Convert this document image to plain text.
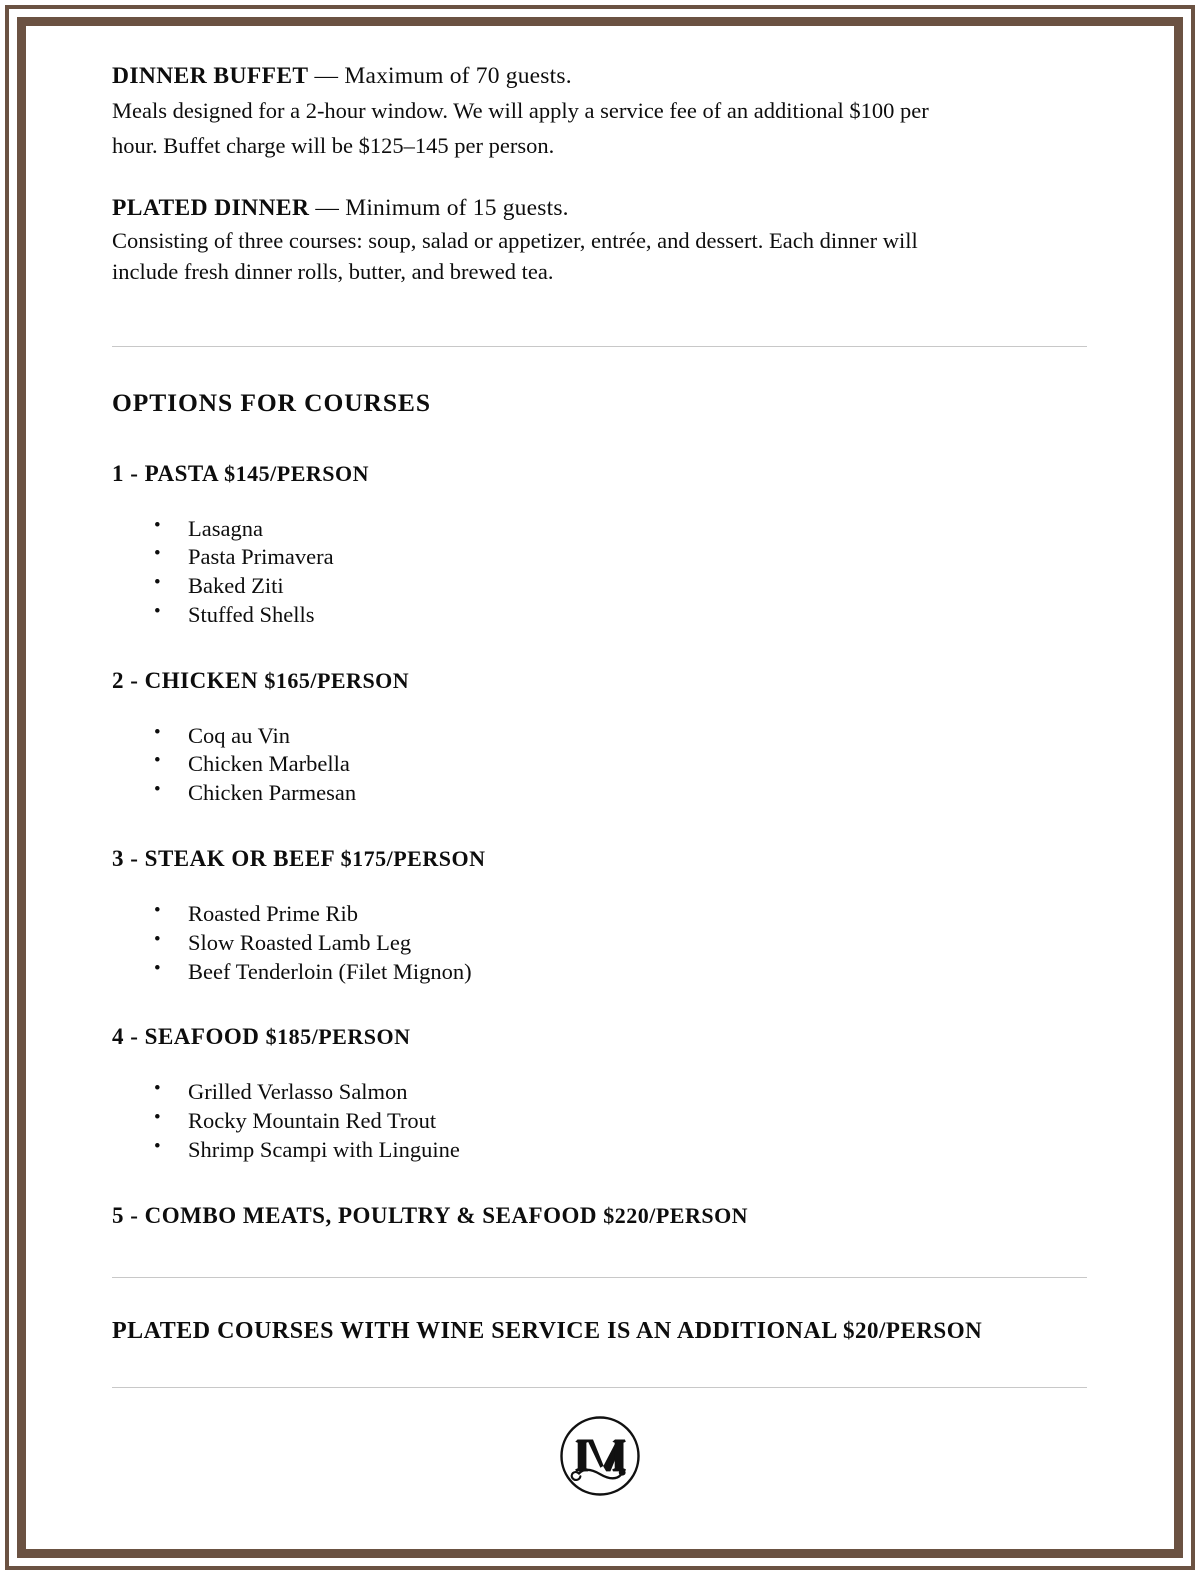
DINNER BUFFET — Maximum of 70 guests.

Meals designed for a 2-hour window. We will apply a service fee of an additional $100 per

hour. Buffet charge will be $125–145 per person.

PLATED DINNER — Minimum of 15 guests.

Consisting of three courses: soup, salad or appetizer, entrée, and dessert. Each dinner will

include fresh dinner rolls, butter, and brewed tea.

OPTIONS FOR COURSES
1 - PASTA $145/PERSON
• Lasagna
• Pasta Primavera
• Baked Ziti
• Stuffed Shells
2 - CHICKEN $165/PERSON
• Coq au Vin
• Chicken Marbella
• Chicken Parmesan
3 - STEAK OR BEEF $175/PERSON
• Roasted Prime Rib
• Slow Roasted Lamb Leg
• Beef Tenderloin (Filet Mignon)
4 - SEAFOOD $185/PERSON
• Grilled Verlasso Salmon
• Rocky Mountain Red Trout
• Shrimp Scampi with Linguine
5 - COMBO MEATS, POULTRY & SEAFOOD $220/PERSON

PLATED COURSES WITH WINE SERVICE IS AN ADDITIONAL $20/PERSON
